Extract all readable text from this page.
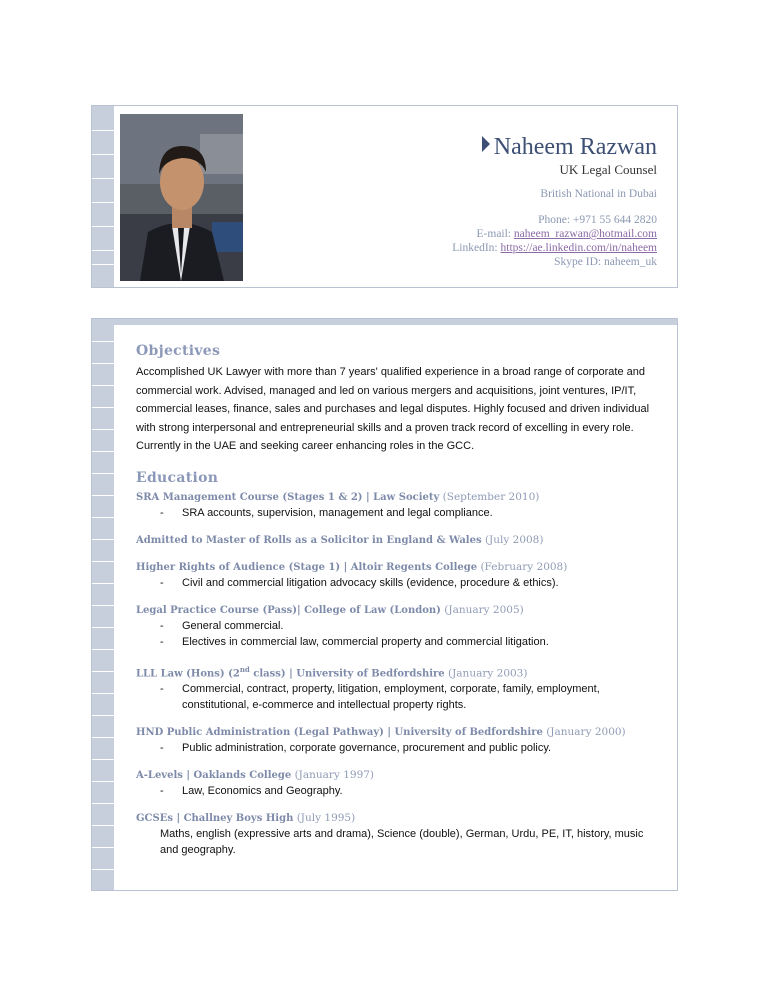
Naheem Razwan
UK Legal Counsel
British National in Dubai
Phone: +971 55 644 2820
E-mail: naheem_razwan@hotmail.com
LinkedIn: https://ae.linkedin.com/in/naheem
Skype ID: naheem_uk
Objectives

Accomplished UK Lawyer with more than 7 years' qualified experience in a broad range of corporate and commercial work. Advised, managed and led on various mergers and acquisitions, joint ventures, IP/IT, commercial leases, finance, sales and purchases and legal disputes. Highly focused and driven individual with strong interpersonal and entrepreneurial skills and a proven track record of excelling in every role. Currently in the UAE and seeking career enhancing roles in the GCC.

Education
SRA Management Course (Stages 1 & 2) | Law Society (September 2010)
- SRA accounts, supervision, management and legal compliance.
Admitted to Master of Rolls as a Solicitor in England & Wales (July 2008)
Higher Rights of Audience (Stage 1) | Altoir Regents College (February 2008)
- Civil and commercial litigation advocacy skills (evidence, procedure & ethics).
Legal Practice Course (Pass)| College of Law (London) (January 2005)
- General commercial.
- Electives in commercial law, commercial property and commercial litigation.
LLL Law (Hons) (2nd class) | University of Bedfordshire (January 2003)
- Commercial, contract, property, litigation, employment, corporate, family, employment, constitutional, e-commerce and intellectual property rights.
HND Public Administration (Legal Pathway) | University of Bedfordshire (January 2000)
- Public administration, corporate governance, procurement and public policy.
A-Levels | Oaklands College (January 1997)
- Law, Economics and Geography.
GCSEs | Challney Boys High (July 1995)
Maths, english (expressive arts and drama), Science (double), German, Urdu, PE, IT, history, music and geography.
